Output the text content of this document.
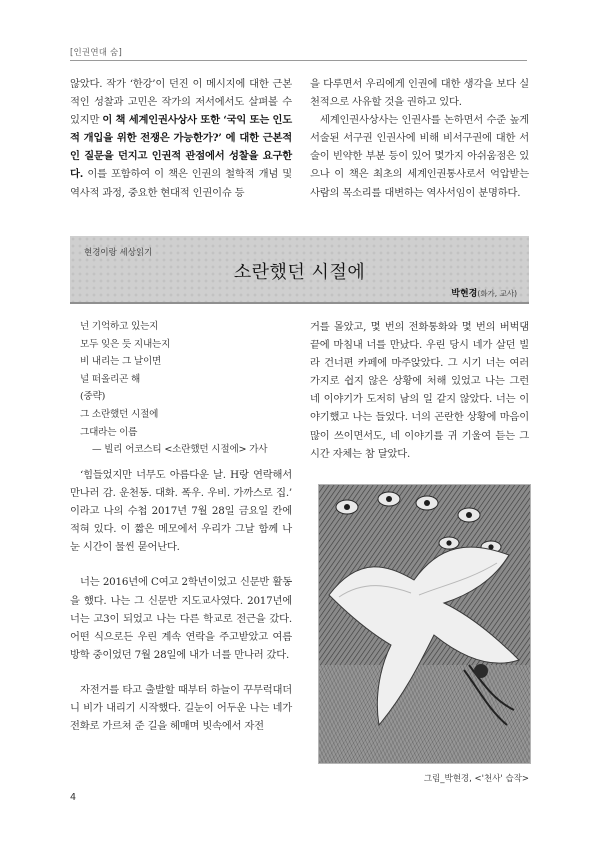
[인권연대 숨]

않았다. 작가 ‘한강’이 던진 이 메시지에 대한 근본적인 성찰과 고민은 작가의 저서에서도 살펴볼 수 있지만 이 책 세계인권사상사 또한 ‘국익 또는 인도적 개입을 위한 전쟁은 가능한가?’ 에 대한 근본적인 질문을 던지고 인권적 관점에서 성찰을 요구한다. 이를 포함하여 이 책은 인권의 철학적 개념 및 역사적 과정, 중요한 현대적 인권이슈 등

을 다루면서 우리에게 인권에 대한 생각을 보다 실천적으로 사유할 것을 권하고 있다.

세계인권사상사는 인권사를 논하면서 수준 높게 서술된 서구권 인권사에 비해 비서구권에 대한 서술이 빈약한 부분 등이 있어 몇가지 아쉬움점은 있으나 이 책은 최초의 세계인권통사로서 억압받는 사람의 목소리를 대변하는 역사서임이 분명하다.

현경이랑 세상읽기
소란했던 시절에
박현경(화가, 교사)
넌 기억하고 있는지
모두 잊은 듯 지내는지
비 내리는 그 날이면
널 떠올리곤 해
(중략)
그 소란했던 시절에
그대라는 이름
— 빌리 어코스티 <소란했던 시절에> 가사

‘힘들었지만 너무도 아름다운 날. H랑 연락해서 만나러 감. 운천동. 대화. 폭우. 우비. 가까스로 집.’ 이라고 나의 수첩 2017년 7월 28일 금요일 칸에 적혀 있다. 이 짧은 메모에서 우리가 그날 함께 나눈 시간이 물씬 묻어난다.

너는 2016년에 C여고 2학년이었고 신문반 활동을 했다. 나는 그 신문반 지도교사였다. 2017년에 너는 고3이 되었고 나는 다른 학교로 전근을 갔다. 어떤 식으로든 우린 계속 연락을 주고받았고 여름방학 중이었던 7월 28일에 내가 너를 만나러 갔다.

자전거를 타고 출발할 때부터 하늘이 꾸무럭대더니 비가 내리기 시작했다. 길눈이 어두운 나는 네가 전화로 가르쳐 준 길을 헤매며 빗속에서 자전

거를 몰았고, 몇 번의 전화통화와 몇 번의 버벅댐 끝에 마침내 너를 만났다. 우린 당시 네가 살던 빌라 건너편 카페에 마주앉았다. 그 시기 너는 여러 가지로 쉽지 않은 상황에 처해 있었고 나는 그런 네 이야기가 도저히 남의 일 같지 않았다. 너는 이야기했고 나는 들었다. 너의 곤란한 상황에 마음이 많이 쓰이면서도, 네 이야기를 귀 기울여 듣는 그 시간 자체는 참 달았다.

그림_박현경, <'천사' 습작>
4
